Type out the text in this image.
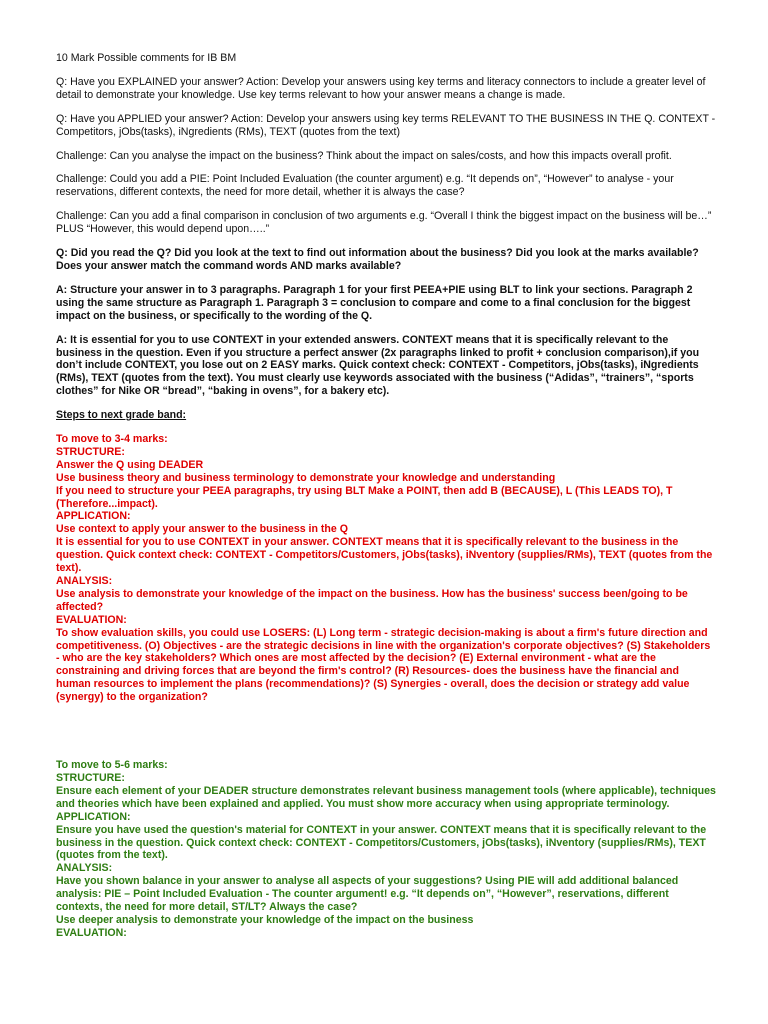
10 Mark Possible comments for IB BM

Q: Have you EXPLAINED your answer? Action: Develop your answers using key terms and literacy connectors to include a greater level of detail to demonstrate your knowledge. Use key terms relevant to how your answer means a change is made.

Q: Have you APPLIED your answer? Action: Develop your answers using key terms RELEVANT TO THE BUSINESS IN THE Q. CONTEXT - Competitors, jObs(tasks), iNgredients (RMs), TEXT (quotes from the text)

Challenge: Can you analyse the impact on the business? Think about the impact on sales/costs, and how this impacts overall profit.

Challenge: Could you add a PIE: Point Included Evaluation (the counter argument) e.g. “It depends on”, “However” to analyse - your reservations, different contexts, the need for more detail, whether it is always the case?

Challenge: Can you add a final comparison in conclusion of two arguments e.g. “Overall I think the biggest impact on the business will be…” PLUS “However, this would depend upon…..”

Q: Did you read the Q? Did you look at the text to find out information about the business? Did you look at the marks available? Does your answer match the command words AND marks available?

A: Structure your answer in to 3 paragraphs. Paragraph 1 for your first PEEA+PIE using BLT to link your sections. Paragraph 2 using the same structure as Paragraph 1. Paragraph 3 = conclusion to compare and come to a final conclusion for the biggest impact on the business, or specifically to the wording of the Q.

A: It is essential for you to use CONTEXT in your extended answers. CONTEXT means that it is specifically relevant to the business in the question. Even if you structure a perfect answer (2x paragraphs linked to profit + conclusion comparison),if you don’t include CONTEXT, you lose out on 2 EASY marks. Quick context check: CONTEXT - Competitors, jObs(tasks), iNgredients (RMs), TEXT (quotes from the text). You must clearly use keywords associated with the business (“Adidas”, “trainers”, “sports clothes” for Nike OR “bread”, “baking in ovens”, for a bakery etc).

Steps to next grade band:

To move to 3-4 marks:
STRUCTURE:
Answer the Q using DEADER
Use business theory and business terminology to demonstrate your knowledge and understanding
If you need to structure your PEEA paragraphs, try using BLT Make a POINT, then add B (BECAUSE), L (This LEADS TO), T (Therefore...impact).
APPLICATION:
Use context to apply your answer to the business in the Q
It is essential for you to use CONTEXT in your answer. CONTEXT means that it is specifically relevant to the business in the question. Quick context check: CONTEXT - Competitors/Customers, jObs(tasks), iNventory (supplies/RMs), TEXT (quotes from the text).
ANALYSIS:
Use analysis to demonstrate your knowledge of the impact on the business. How has the business' success been/going to be affected?
EVALUATION:
To show evaluation skills, you could use LOSERS: (L) Long term - strategic decision-making is about a firm's future direction and competitiveness. (O) Objectives - are the strategic decisions in line with the organization's corporate objectives? (S) Stakeholders - who are the key stakeholders? Which ones are most affected by the decision? (E) External environment - what are the constraining and driving forces that are beyond the firm's control? (R) Resources- does the business have the financial and human resources to implement the plans (recommendations)? (S) Synergies - overall, does the decision or strategy add value (synergy) to the organization?
To move to 5-6 marks:
STRUCTURE:
Ensure each element of your DEADER structure demonstrates relevant business management tools (where applicable), techniques and theories which have been explained and applied. You must show more accuracy when using appropriate terminology.
APPLICATION:
Ensure you have used the question's material for CONTEXT in your answer. CONTEXT means that it is specifically relevant to the business in the question. Quick context check: CONTEXT - Competitors/Customers, jObs(tasks), iNventory (supplies/RMs), TEXT (quotes from the text).
ANALYSIS:
Have you shown balance in your answer to analyse all aspects of your suggestions? Using PIE will add additional balanced analysis: PIE – Point Included Evaluation - The counter argument! e.g. “It depends on”, “However”, reservations, different contexts, the need for more detail, ST/LT? Always the case?
Use deeper analysis to demonstrate your knowledge of the impact on the business
EVALUATION:
